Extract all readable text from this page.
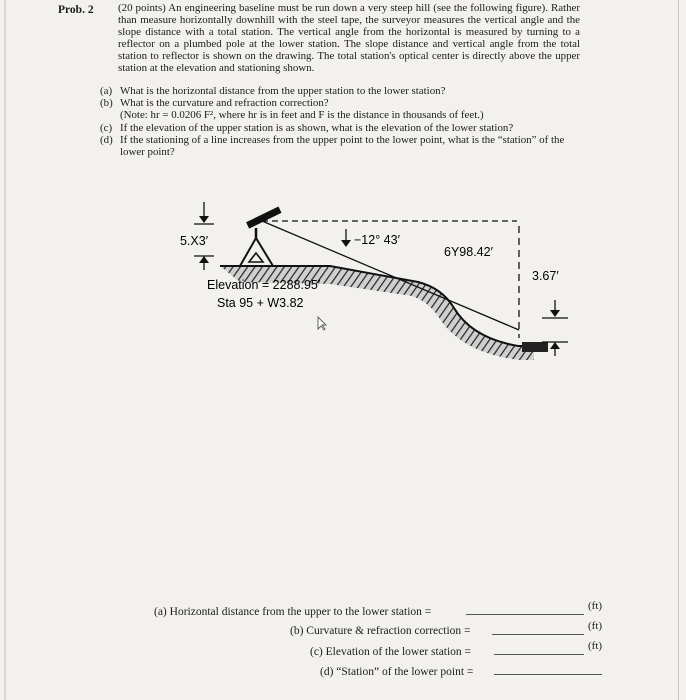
Prob. 2 (20 points) An engineering baseline must be run down a very steep hill (see the following figure). Rather than measure horizontally downhill with the steel tape, the surveyor measures the vertical angle and the slope distance with a total station. The vertical angle from the horizontal is measured by turning to a reflector on a plumbed pole at the lower station. The slope distance and vertical angle from the total station to reflector is shown on the drawing. The total station's optical center is directly above the upper station at the elevation and stationing shown.

(a) What is the horizontal distance from the upper station to the lower station?
(b) What is the curvature and refraction correction?
(Note: hr = 0.0206 F², where hr is in feet and F is the distance in thousands of feet.)
(c) If the elevation of the upper station is as shown, what is the elevation of the lower station?
(d) If the stationing of a line increases from the upper point to the lower point, what is the “station” of the lower point?
5.X3′	−12° 43′
6Y98.42′
3.67′
Elevation = 2288.95′
Sta 95 + W3.82
(a) Horizontal distance from the upper to the lower station =	(ft)
(b) Curvature & refraction correction =	(ft)
(c) Elevation of the lower station =	(ft)
(d) “Station” of the lower point =
